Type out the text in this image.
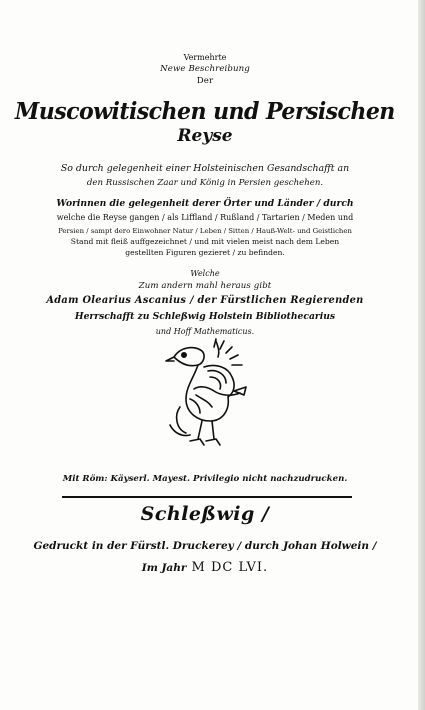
Vermehrte
Newe Beschreibung
Der
Muscowitischen und Persischen
Reyse
So durch gelegenheit einer Holsteinischen Gesandschafft an
den Russischen Zaar und König in Persien geschehen.
Worinnen die gelegenheit derer Örter und Länder / durch
welche die Reyse gangen / als Liffland / Rußland / Tartarien / Meden und
Persien / sampt dero Einwohner Natur / Leben / Sitten / Hauß-Welt- und Geistlichen
Stand mit fleiß auffgezeichnet / und mit vielen meist nach dem Leben
gestellten Figuren gezieret / zu befinden.
Welche
Zum andern mahl heraus gibt
Adam Olearius Ascanius / der Fürstlichen Regierenden
Herrschafft zu Schleßwig Holstein Bibliothecarius
und Hoff Mathematicus.
Mit Röm: Käyserl. Mayest. Privilegio nicht nachzudrucken.
Schleßwig /
Gedruckt in der Fürstl. Druckerey / durch Johan Holwein /
Im Jahr M DC LVI.
